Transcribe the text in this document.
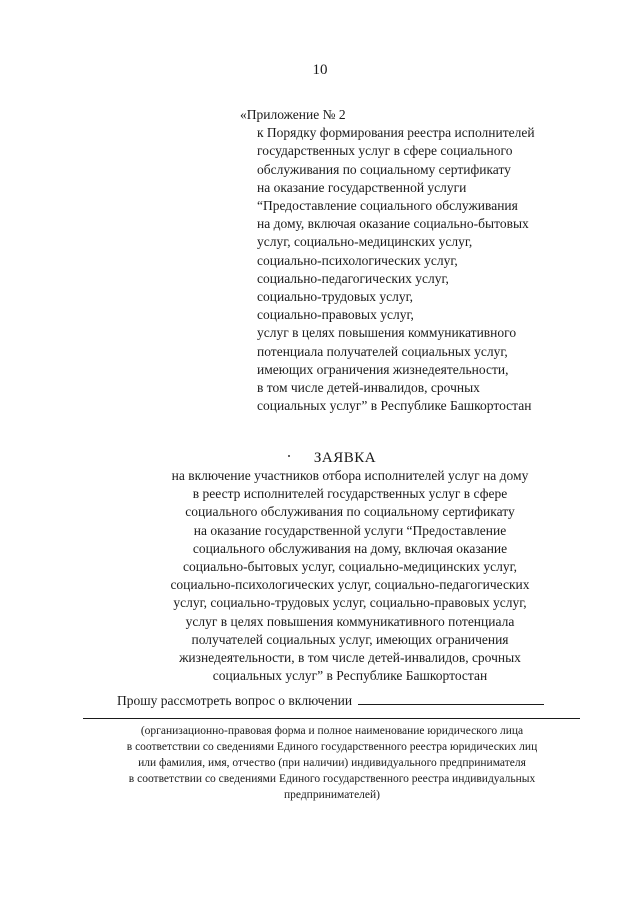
10
«Приложение № 2
к Порядку формирования реестра исполнителей
государственных услуг в сфере социального
обслуживания по социальному сертификату
на оказание государственной услуги
“Предоставление социального обслуживания
на дому, включая оказание социально-бытовых
услуг, социально-медицинских услуг,
социально-психологических услуг,
социально-педагогических услуг,
социально-трудовых услуг,
социально-правовых услуг,
услуг в целях повышения коммуникативного
потенциала получателей социальных услуг,
имеющих ограничения жизнедеятельности,
в том числе детей-инвалидов, срочных
социальных услуг” в Республике Башкортостан
ЗАЯВКА
на включение участников отбора исполнителей услуг на дому
в реестр исполнителей государственных услуг в сфере
социального обслуживания по социальному сертификату
на оказание государственной услуги “Предоставление
социального обслуживания на дому, включая оказание
социально-бытовых услуг, социально-медицинских услуг,
социально-психологических услуг, социально-педагогических
услуг, социально-трудовых услуг, социально-правовых услуг,
услуг в целях повышения коммуникативного потенциала
получателей социальных услуг, имеющих ограничения
жизнедеятельности, в том числе детей-инвалидов, срочных
социальных услуг” в Республике Башкортостан
Прошу рассмотреть вопрос о включении
(организационно-правовая форма и полное наименование юридического лица
в соответствии со сведениями Единого государственного реестра юридических лиц
или фамилия, имя, отчество (при наличии) индивидуального предпринимателя
в соответствии со сведениями Единого государственного реестра индивидуальных
предпринимателей)
